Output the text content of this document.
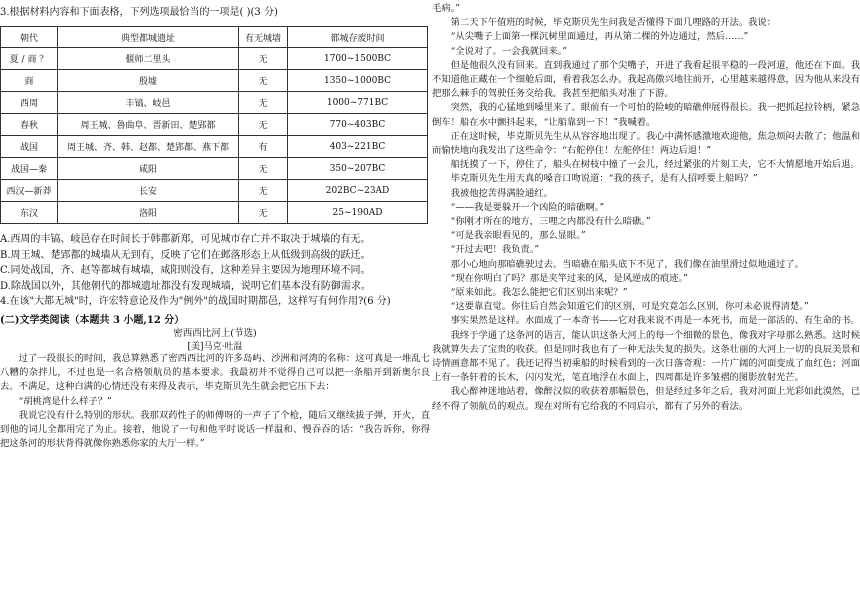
3.根据材料内容和下面表格，下列选项最恰当的一项是( )(3 分)
朝代	典型都城遗址	有无城墙	都城存废时间
夏 / 商 ？	偃师二里头	无	1700~1500BC
商	殷墟	无	1350~1000BC
西周	丰镐、岐邑	无	1000~771BC
春秋	周王城、鲁曲阜、晋新田、楚郢都	无	770~403BC
战国	周王城、齐、韩、赵都、楚郢都、燕下都	有	403~221BC
战国—秦	咸阳	无	350~207BC
西汉—新莽	长安	无	202BC~23AD
东汉	洛阳	无	25~190AD
A.西周的丰镐、岐邑存在时间长于韩都新郑，可见城市存亡并不取决于城墙的有无。
B.周王城、楚郢都的城墙从无到有，反映了它们在邺落形态上从低级到高级的跃迁。
C.同处战国，齐、赵等都城有城墙，咸阳则没有，这种差异主要因为地理环境不同。
D.除战国以外，其他朝代的都城遗址都没有发现城墙，说明它们基本没有防御需求。
4.在该"大都无城"时，许宏特意论及作为"例外"的战国时期都邑，这样写有何作用?(6 分)
(二)文学类阅读（本题共 3 小题,12 分）
密西西比河上(节选)
[美]马克·吐温

过了一段很长的时间，我总算熟悉了密西西比河的许多岛屿、沙洲和河湾的名称：这可真是一堆乱七八糟的杂拌儿，不过也是一名合格领航员的基本要求。我最初并不觉得自己可以把一条船开到新奥尔良去。不满足，这种白满的心情还没有来得及表示，毕克斯贝先生就会把它压下去：

“胡桃湾是什么样子？”

我说它没有什么特别的形状。我那双药性子的师傅呀的一声子了个枪，随后又继续拔子弹，开火，直到他的词儿全都用完了为止。接着，他说了一句和他平时说话一样温和、慢吞吞的话：“我告诉你，你得把这条河的形状背得就像你熟悉你家的大厅一样。”

毛病。”

第二天下午值班的时候，毕克斯贝先生问我是否懂得下面几哩路的开法。我说：

“从尖嘴子上面第一棵沉树里面通过，再从第二棵的外边通过，然后……”

“全说对了。一会我就回来。”

但是他很久没有回来。直到我通过了那个尖嘴子，开进了我看起很平稳的一段河道，他还在下面。我不知道他正藏在一个细舱后面，看着我怎么办。我起高傲兴地往前开，心里越来越得意，因为他从来没有把那么棘手的驾驶任务交给我。我甚至把船头对准了下游。

突然，我的心猛地到嗓里来了。眼前有一个可怕的险峻的暗礁伸展得很长。我一把抓起拉铃柄，紧急倒车！船在水中颤抖起来，“让船靠到一下！”我喊着。

正在这时候，毕克斯贝先生从从容容地出现了。我心中满怀感激地欢迎他，焦急烦闷去散了；他温和而愉快地向我发出了这些命令：“右舵停住！左舵停住！两边后退！”

船抚摸了一下，停住了，船头在树枝中撞了一会儿，经过紧张的片刻工夫，它不大情愿地开始后退。

毕克斯贝先生用天真的嗓音口吻说道：“我的孩子，是有人招呼要上船吗？”

我被他挖苦得满脸通红。

“——我是要躲开一个凶险的暗礁啊。”

“你刚才所在的地方，三哩之内都没有什么暗礁。”

“可是我亲眼看见的，那么显眼。”

“开过去吧！我负责。”

那小心地向那暗礁驶过去。当暗礁在船头底下不见了，我们像在油里滑过似地通过了。

“现在你明白了吗？那是夹竿过来的风，是风逆成的痕迹。”

“原来如此。我怎么能把它们区别出来呢？”

“这要靠直觉。你往后自然会知道它们的区别，可是究竟怎么区别，你可未必说得清楚。”

事实果然是这样。水面成了一本奇书——它对我来说不再是一本死书，而是一部活的、有生命的书。

我终于学通了这条河的语言，能认识这条大河上的每一个细微的景色，像我对字母那么熟悉。这时候我就算失去了宝贵的收获。但是同时我也有了一种无法失复的损失。这条壮丽的大河上一切的良辰美景和诗情画意都不见了。我还记得当初乘船的时候看到的一次日落奇观：一片广阔的河面变成了血红色；河面上有一条轩着的长木，闪闪发光，笔直地浮在水面上，四周都是许多皱褶的图影放射光芒。

我心醉神迷地站着，像醉汉似的收获着那幅景色，但是经过多年之后，我对河面上光彩如此漠然，已经不得了领航员的观点。现在对所有它给我的不同启示，都有了另外的看法。
